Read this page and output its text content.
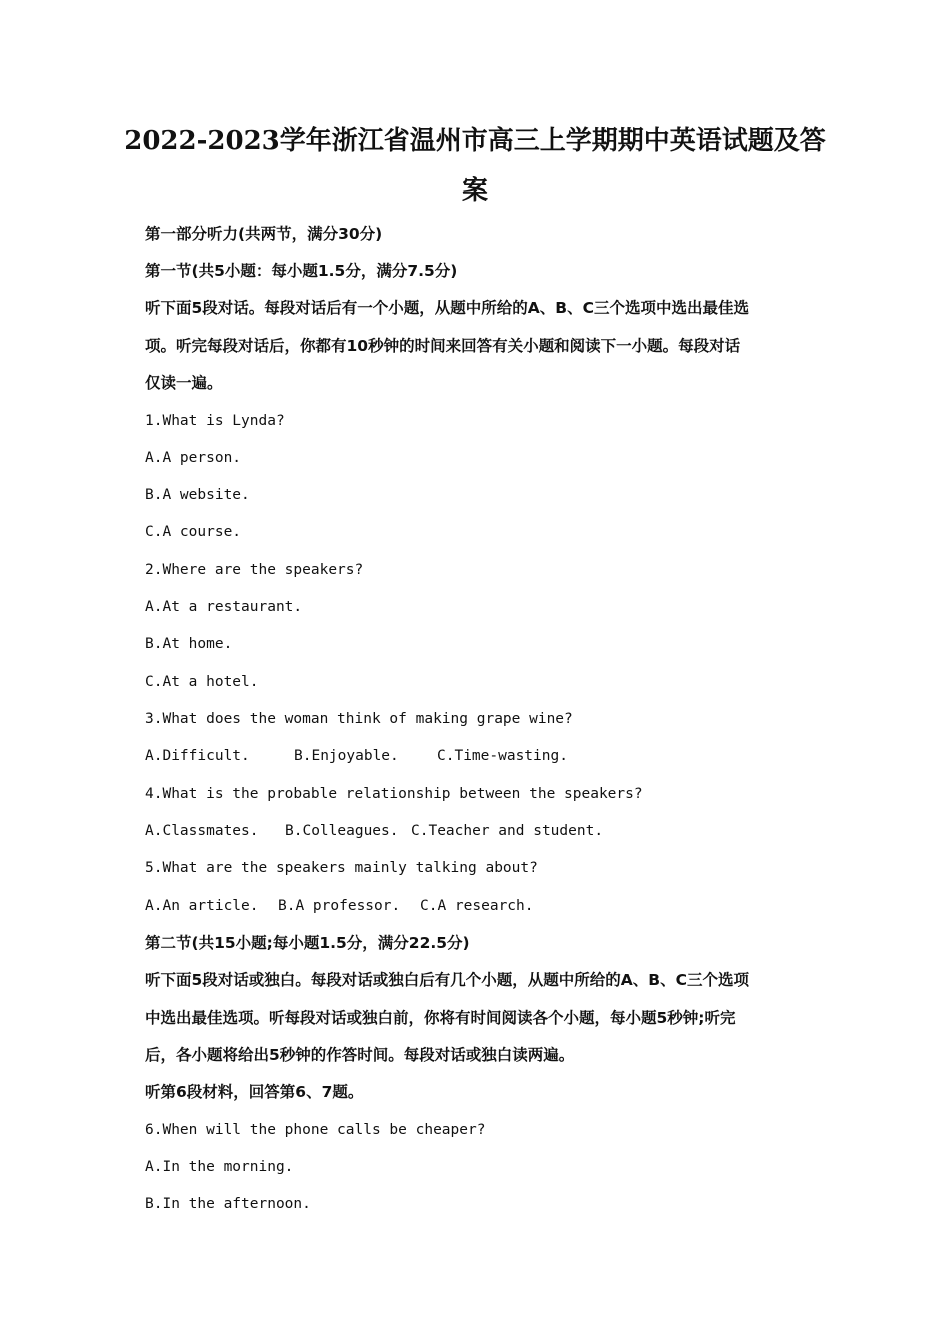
2022-2023学年浙江省温州市高三上学期期中英语试题及答
案
第一部分听力(共两节，满分30分)
第一节(共5小题：每小题1.5分，满分7.5分)
听下面5段对话。每段对话后有一个小题，从题中所给的A、B、C三个选项中选出最佳选
项。听完每段对话后，你都有10秒钟的时间来回答有关小题和阅读下一小题。每段对话
仅读一遍。
1.What is Lynda?
A.A person.
B.A website.
C.A course.
2.Where are the speakers?
A.At a restaurant.
B.At home.
C.At a hotel.
3.What does the woman think of making grape wine?
A.Difficult.	B.Enjoyable.	C.Time-wasting.
4.What is the probable relationship between the speakers?
A.Classmates. B.Colleagues. C.Teacher and student.
5.What are the speakers mainly talking about?
A.An article. B.A professor. C.A research.
第二节(共15小题;每小题1.5分，满分22.5分)
听下面5段对话或独白。每段对话或独白后有几个小题，从题中所给的A、B、C三个选项
中选出最佳选项。听每段对话或独白前，你将有时间阅读各个小题，每小题5秒钟;听完
后，各小题将给出5秒钟的作答时间。每段对话或独白读两遍。
听第6段材料，回答第6、7题。
6.When will the phone calls be cheaper?
A.In the morning.
B.In the afternoon.
